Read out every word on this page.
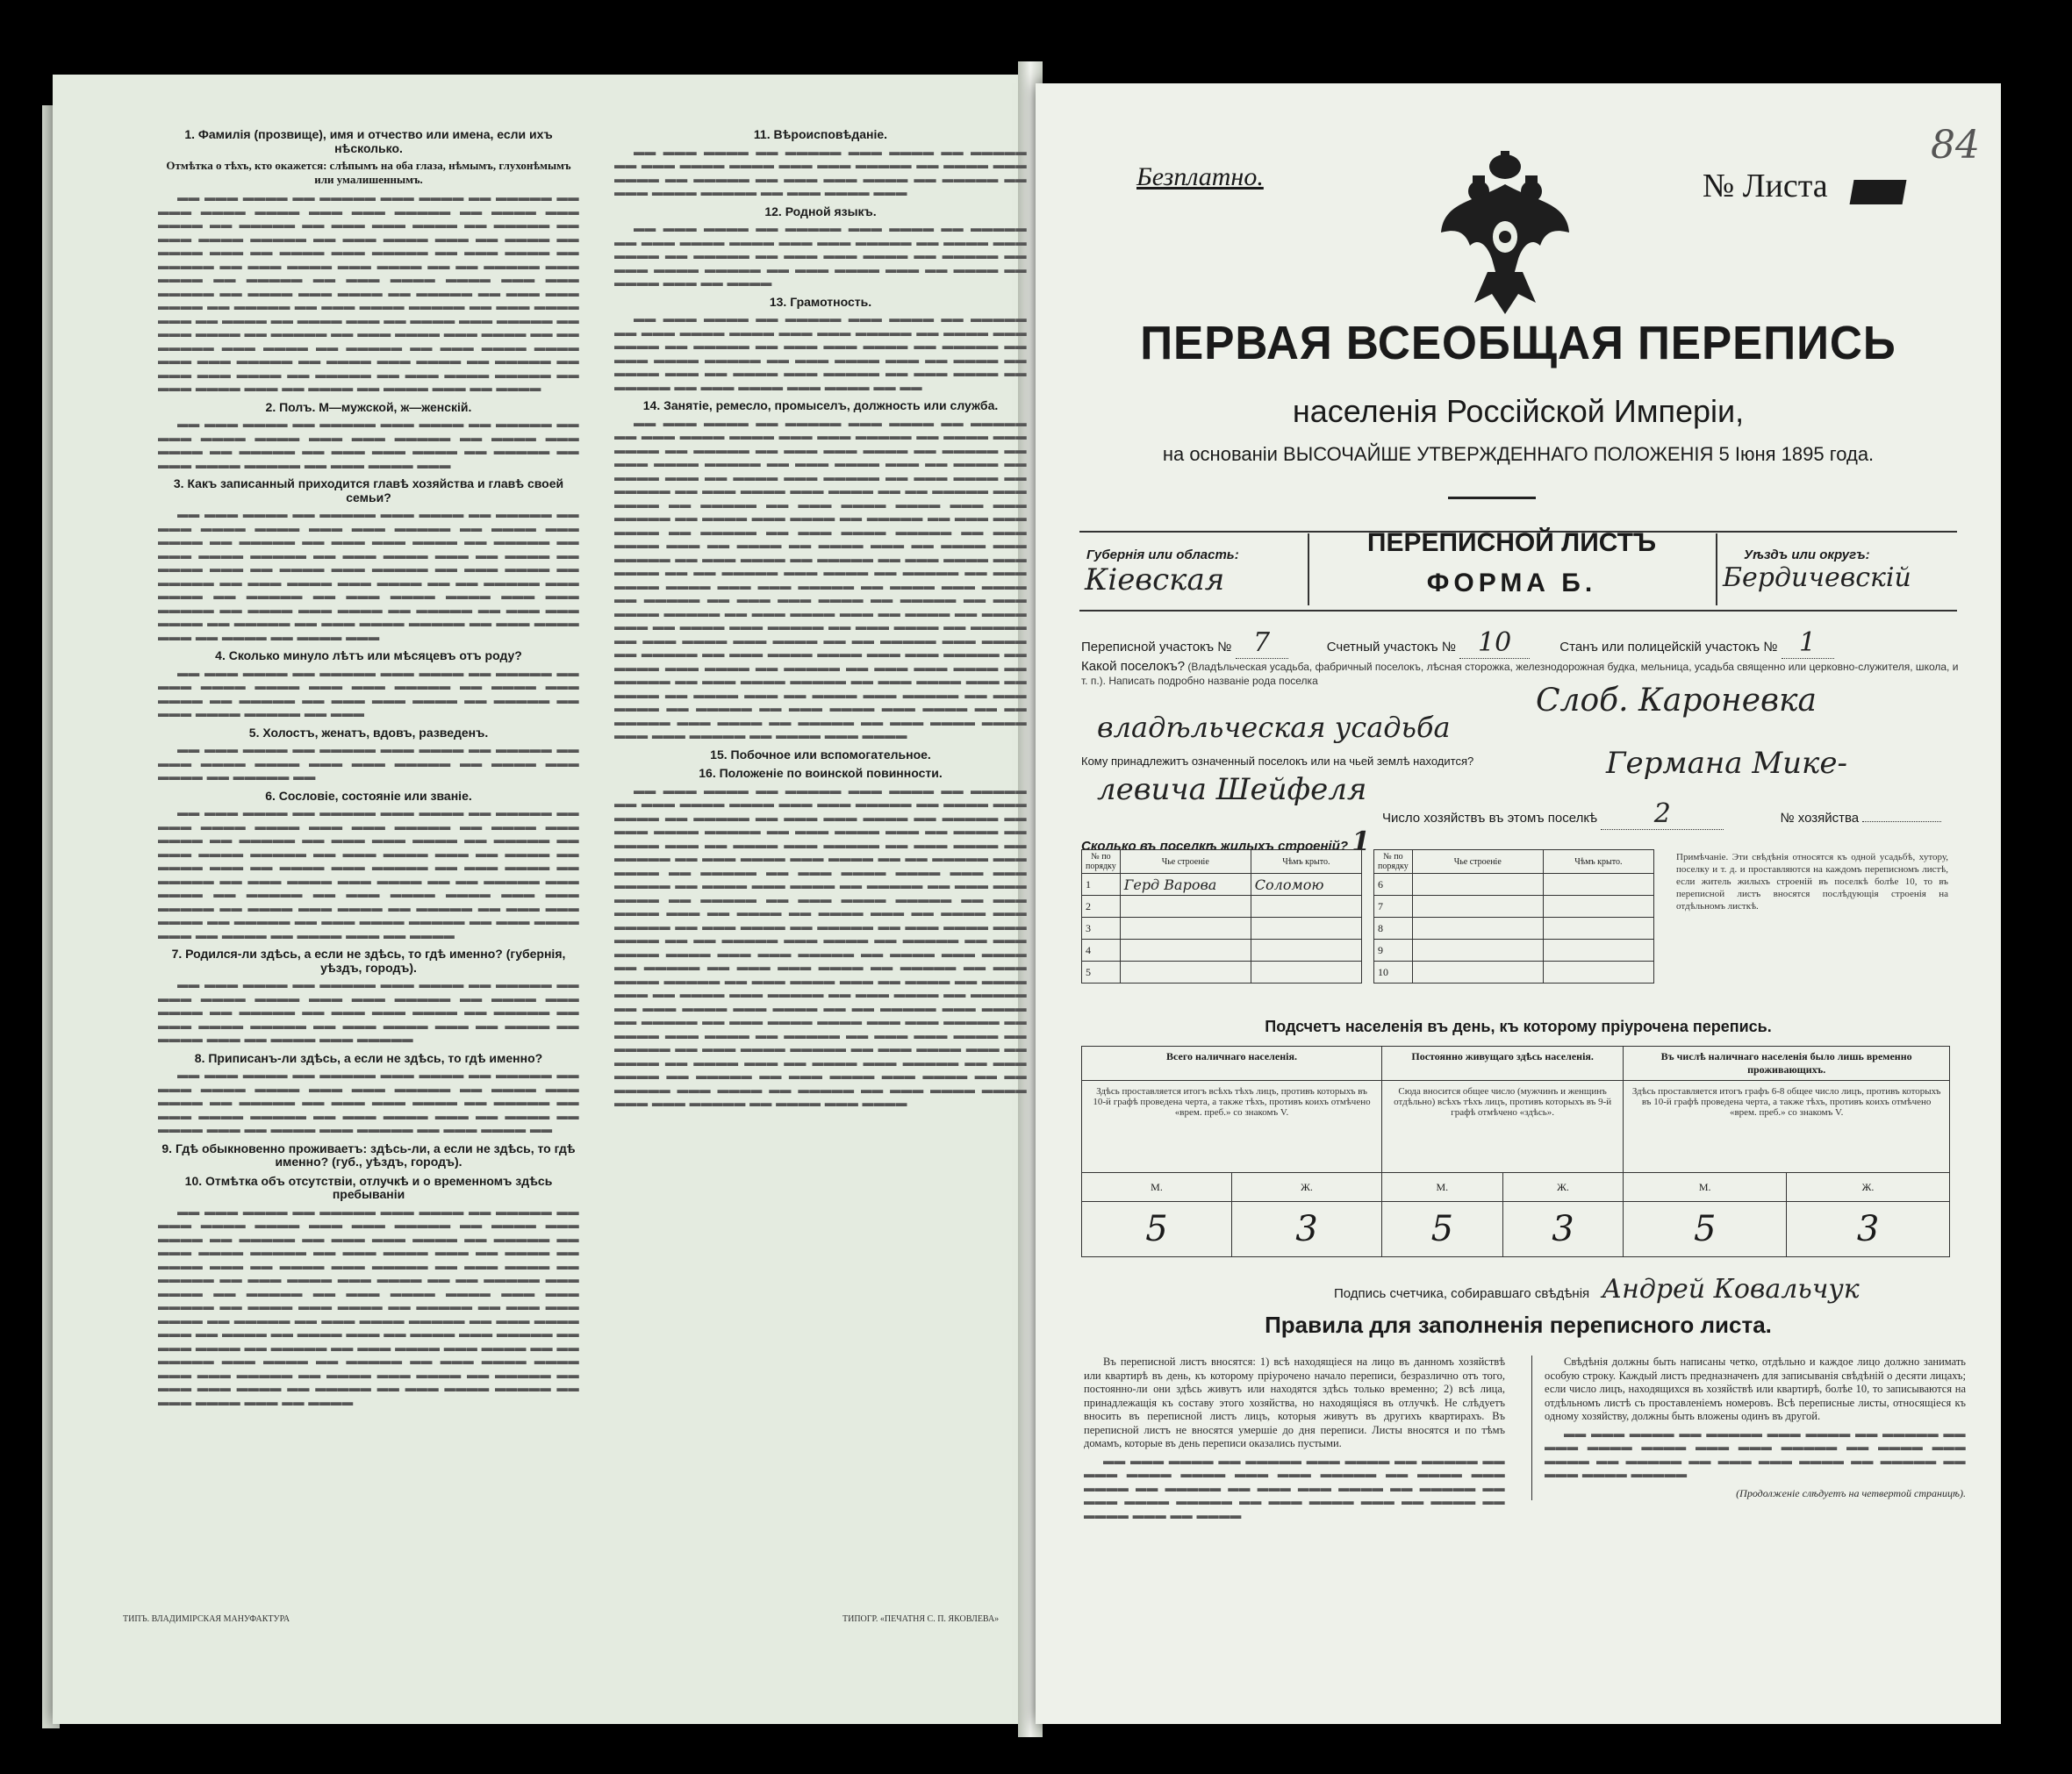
1. Фамилія (прозвище), имя и отчество или имена, если ихъ нѣсколько.
Отмѣтка о тѣхъ, кто окажется: слѣпымъ на оба глаза, нѣмымъ, глухонѣмымъ или умалишеннымъ.
▬▬ ▬▬▬ ▬▬▬▬ ▬▬ ▬▬▬▬▬ ▬▬▬ ▬▬▬▬ ▬▬ ▬▬▬▬▬ ▬▬ ▬▬▬ ▬▬▬▬ ▬▬▬▬ ▬▬▬ ▬▬▬ ▬▬▬▬▬ ▬▬ ▬▬▬▬ ▬▬▬ ▬▬▬▬ ▬▬ ▬▬▬▬▬ ▬▬ ▬▬▬ ▬▬▬ ▬▬▬▬ ▬▬ ▬▬▬▬▬ ▬▬ ▬▬▬ ▬▬▬▬ ▬▬▬▬▬ ▬▬ ▬▬▬ ▬▬▬▬ ▬▬▬ ▬▬ ▬▬▬▬ ▬▬ ▬▬▬▬ ▬▬▬ ▬▬ ▬▬▬▬ ▬▬▬ ▬▬▬▬▬ ▬▬ ▬▬▬ ▬▬▬▬ ▬▬ ▬▬▬▬▬ ▬▬ ▬▬▬ ▬▬▬▬ ▬▬▬ ▬▬▬▬ ▬▬ ▬▬ ▬▬▬▬▬ ▬▬▬ ▬▬▬▬ ▬▬ ▬▬▬▬▬ ▬▬ ▬▬▬ ▬▬▬▬ ▬▬▬▬ ▬▬▬ ▬▬▬ ▬▬▬▬▬ ▬▬ ▬▬▬▬ ▬▬▬ ▬▬▬▬ ▬▬ ▬▬▬▬▬ ▬▬ ▬▬▬ ▬▬▬ ▬▬▬▬ ▬▬ ▬▬▬▬▬ ▬▬ ▬▬▬ ▬▬▬▬ ▬▬▬▬▬ ▬▬ ▬▬▬ ▬▬▬▬ ▬▬▬ ▬▬ ▬▬▬▬ ▬▬ ▬▬▬▬ ▬▬▬ ▬▬ ▬▬▬▬ ▬▬▬ ▬▬▬▬▬ ▬▬ ▬▬▬ ▬▬▬▬ ▬▬ ▬▬▬▬▬ ▬▬ ▬▬▬ ▬▬▬▬ ▬▬▬ ▬▬▬▬ ▬▬ ▬▬ ▬▬▬▬▬ ▬▬▬ ▬▬▬▬ ▬▬ ▬▬▬▬▬ ▬▬ ▬▬▬ ▬▬▬▬ ▬▬▬▬ ▬▬▬ ▬▬▬ ▬▬▬▬▬ ▬▬ ▬▬▬▬ ▬▬▬ ▬▬▬▬ ▬▬ ▬▬▬▬▬ ▬▬ ▬▬▬ ▬▬▬ ▬▬▬▬ ▬▬ ▬▬▬▬▬ ▬▬ ▬▬▬ ▬▬▬▬ ▬▬▬▬▬ ▬▬ ▬▬▬ ▬▬▬▬ ▬▬▬ ▬▬ ▬▬▬▬ ▬▬ ▬▬▬▬ ▬▬▬ ▬▬ ▬▬▬▬
2. Полъ. М—мужской, ж—женскій.
▬▬ ▬▬▬ ▬▬▬▬ ▬▬ ▬▬▬▬▬ ▬▬▬ ▬▬▬▬ ▬▬ ▬▬▬▬▬ ▬▬ ▬▬▬ ▬▬▬▬ ▬▬▬▬ ▬▬▬ ▬▬▬ ▬▬▬▬▬ ▬▬ ▬▬▬▬ ▬▬▬ ▬▬▬▬ ▬▬ ▬▬▬▬▬ ▬▬ ▬▬▬ ▬▬▬ ▬▬▬▬ ▬▬ ▬▬▬▬▬ ▬▬ ▬▬▬ ▬▬▬▬ ▬▬▬▬▬ ▬▬ ▬▬▬ ▬▬▬▬ ▬▬▬
3. Какъ записанный приходится главѣ хозяйства и главѣ своей семьи?
▬▬ ▬▬▬ ▬▬▬▬ ▬▬ ▬▬▬▬▬ ▬▬▬ ▬▬▬▬ ▬▬ ▬▬▬▬▬ ▬▬ ▬▬▬ ▬▬▬▬ ▬▬▬▬ ▬▬▬ ▬▬▬ ▬▬▬▬▬ ▬▬ ▬▬▬▬ ▬▬▬ ▬▬▬▬ ▬▬ ▬▬▬▬▬ ▬▬ ▬▬▬ ▬▬▬ ▬▬▬▬ ▬▬ ▬▬▬▬▬ ▬▬ ▬▬▬ ▬▬▬▬ ▬▬▬▬▬ ▬▬ ▬▬▬ ▬▬▬▬ ▬▬▬ ▬▬ ▬▬▬▬ ▬▬ ▬▬▬▬ ▬▬▬ ▬▬ ▬▬▬▬ ▬▬▬ ▬▬▬▬▬ ▬▬ ▬▬▬ ▬▬▬▬ ▬▬ ▬▬▬▬▬ ▬▬ ▬▬▬ ▬▬▬▬ ▬▬▬ ▬▬▬▬ ▬▬ ▬▬ ▬▬▬▬▬ ▬▬▬ ▬▬▬▬ ▬▬ ▬▬▬▬▬ ▬▬ ▬▬▬ ▬▬▬▬ ▬▬▬▬ ▬▬▬ ▬▬▬ ▬▬▬▬▬ ▬▬ ▬▬▬▬ ▬▬▬ ▬▬▬▬ ▬▬ ▬▬▬▬▬ ▬▬ ▬▬▬ ▬▬▬ ▬▬▬▬ ▬▬ ▬▬▬▬▬ ▬▬ ▬▬▬ ▬▬▬▬ ▬▬▬▬▬ ▬▬ ▬▬▬ ▬▬▬▬ ▬▬▬ ▬▬ ▬▬▬▬ ▬▬ ▬▬▬▬ ▬▬▬
4. Сколько минуло лѣтъ или мѣсяцевъ отъ роду?
▬▬ ▬▬▬ ▬▬▬▬ ▬▬ ▬▬▬▬▬ ▬▬▬ ▬▬▬▬ ▬▬ ▬▬▬▬▬ ▬▬ ▬▬▬ ▬▬▬▬ ▬▬▬▬ ▬▬▬ ▬▬▬ ▬▬▬▬▬ ▬▬ ▬▬▬▬ ▬▬▬ ▬▬▬▬ ▬▬ ▬▬▬▬▬ ▬▬ ▬▬▬ ▬▬▬ ▬▬▬▬ ▬▬ ▬▬▬▬▬ ▬▬ ▬▬▬ ▬▬▬▬ ▬▬▬▬▬ ▬▬ ▬▬▬
5. Холостъ, женатъ, вдовъ, разведенъ.
▬▬ ▬▬▬ ▬▬▬▬ ▬▬ ▬▬▬▬▬ ▬▬▬ ▬▬▬▬ ▬▬ ▬▬▬▬▬ ▬▬ ▬▬▬ ▬▬▬▬ ▬▬▬▬ ▬▬▬ ▬▬▬ ▬▬▬▬▬ ▬▬ ▬▬▬▬ ▬▬▬ ▬▬▬▬ ▬▬ ▬▬▬▬▬ ▬▬
6. Сословіе, состояніе или званіе.
▬▬ ▬▬▬ ▬▬▬▬ ▬▬ ▬▬▬▬▬ ▬▬▬ ▬▬▬▬ ▬▬ ▬▬▬▬▬ ▬▬ ▬▬▬ ▬▬▬▬ ▬▬▬▬ ▬▬▬ ▬▬▬ ▬▬▬▬▬ ▬▬ ▬▬▬▬ ▬▬▬ ▬▬▬▬ ▬▬ ▬▬▬▬▬ ▬▬ ▬▬▬ ▬▬▬ ▬▬▬▬ ▬▬ ▬▬▬▬▬ ▬▬ ▬▬▬ ▬▬▬▬ ▬▬▬▬▬ ▬▬ ▬▬▬ ▬▬▬▬ ▬▬▬ ▬▬ ▬▬▬▬ ▬▬ ▬▬▬▬ ▬▬▬ ▬▬ ▬▬▬▬ ▬▬▬ ▬▬▬▬▬ ▬▬ ▬▬▬ ▬▬▬▬ ▬▬ ▬▬▬▬▬ ▬▬ ▬▬▬ ▬▬▬▬ ▬▬▬ ▬▬▬▬ ▬▬ ▬▬ ▬▬▬▬▬ ▬▬▬ ▬▬▬▬ ▬▬ ▬▬▬▬▬ ▬▬ ▬▬▬ ▬▬▬▬ ▬▬▬▬ ▬▬▬ ▬▬▬ ▬▬▬▬▬ ▬▬ ▬▬▬▬ ▬▬▬ ▬▬▬▬ ▬▬ ▬▬▬▬▬ ▬▬ ▬▬▬ ▬▬▬ ▬▬▬▬ ▬▬ ▬▬▬▬▬ ▬▬ ▬▬▬ ▬▬▬▬ ▬▬▬▬▬ ▬▬ ▬▬▬ ▬▬▬▬ ▬▬▬ ▬▬ ▬▬▬▬ ▬▬ ▬▬▬▬ ▬▬▬ ▬▬ ▬▬▬▬
7. Родился-ли здѣсь, а если не здѣсь, то гдѣ именно? (губернія, уѣздъ, городъ).
▬▬ ▬▬▬ ▬▬▬▬ ▬▬ ▬▬▬▬▬ ▬▬▬ ▬▬▬▬ ▬▬ ▬▬▬▬▬ ▬▬ ▬▬▬ ▬▬▬▬ ▬▬▬▬ ▬▬▬ ▬▬▬ ▬▬▬▬▬ ▬▬ ▬▬▬▬ ▬▬▬ ▬▬▬▬ ▬▬ ▬▬▬▬▬ ▬▬ ▬▬▬ ▬▬▬ ▬▬▬▬ ▬▬ ▬▬▬▬▬ ▬▬ ▬▬▬ ▬▬▬▬ ▬▬▬▬▬ ▬▬ ▬▬▬ ▬▬▬▬ ▬▬▬ ▬▬ ▬▬▬▬ ▬▬ ▬▬▬▬ ▬▬▬ ▬▬ ▬▬▬▬ ▬▬▬ ▬▬▬▬▬
8. Приписанъ-ли здѣсь, а если не здѣсь, то гдѣ именно?
▬▬ ▬▬▬ ▬▬▬▬ ▬▬ ▬▬▬▬▬ ▬▬▬ ▬▬▬▬ ▬▬ ▬▬▬▬▬ ▬▬ ▬▬▬ ▬▬▬▬ ▬▬▬▬ ▬▬▬ ▬▬▬ ▬▬▬▬▬ ▬▬ ▬▬▬▬ ▬▬▬ ▬▬▬▬ ▬▬ ▬▬▬▬▬ ▬▬ ▬▬▬ ▬▬▬ ▬▬▬▬ ▬▬ ▬▬▬▬▬ ▬▬ ▬▬▬ ▬▬▬▬ ▬▬▬▬▬ ▬▬ ▬▬▬ ▬▬▬▬ ▬▬▬ ▬▬ ▬▬▬▬ ▬▬ ▬▬▬▬ ▬▬▬ ▬▬ ▬▬▬▬ ▬▬▬ ▬▬▬▬▬ ▬▬ ▬▬▬ ▬▬▬▬ ▬▬
9. Гдѣ обыкновенно проживаетъ: здѣсь-ли, а если не здѣсь, то гдѣ именно? (губ., уѣздъ, городъ).
10. Отмѣтка объ отсутствіи, отлучкѣ и о временномъ здѣсь пребываніи
▬▬ ▬▬▬ ▬▬▬▬ ▬▬ ▬▬▬▬▬ ▬▬▬ ▬▬▬▬ ▬▬ ▬▬▬▬▬ ▬▬ ▬▬▬ ▬▬▬▬ ▬▬▬▬ ▬▬▬ ▬▬▬ ▬▬▬▬▬ ▬▬ ▬▬▬▬ ▬▬▬ ▬▬▬▬ ▬▬ ▬▬▬▬▬ ▬▬ ▬▬▬ ▬▬▬ ▬▬▬▬ ▬▬ ▬▬▬▬▬ ▬▬ ▬▬▬ ▬▬▬▬ ▬▬▬▬▬ ▬▬ ▬▬▬ ▬▬▬▬ ▬▬▬ ▬▬ ▬▬▬▬ ▬▬ ▬▬▬▬ ▬▬▬ ▬▬ ▬▬▬▬ ▬▬▬ ▬▬▬▬▬ ▬▬ ▬▬▬ ▬▬▬▬ ▬▬ ▬▬▬▬▬ ▬▬ ▬▬▬ ▬▬▬▬ ▬▬▬ ▬▬▬▬ ▬▬ ▬▬ ▬▬▬▬▬ ▬▬▬ ▬▬▬▬ ▬▬ ▬▬▬▬▬ ▬▬ ▬▬▬ ▬▬▬▬ ▬▬▬▬ ▬▬▬ ▬▬▬ ▬▬▬▬▬ ▬▬ ▬▬▬▬ ▬▬▬ ▬▬▬▬ ▬▬ ▬▬▬▬▬ ▬▬ ▬▬▬ ▬▬▬ ▬▬▬▬ ▬▬ ▬▬▬▬▬ ▬▬ ▬▬▬ ▬▬▬▬ ▬▬▬▬▬ ▬▬ ▬▬▬ ▬▬▬▬ ▬▬▬ ▬▬ ▬▬▬▬ ▬▬ ▬▬▬▬ ▬▬▬ ▬▬ ▬▬▬▬ ▬▬▬ ▬▬▬▬▬ ▬▬ ▬▬▬ ▬▬▬▬ ▬▬ ▬▬▬▬▬ ▬▬ ▬▬▬ ▬▬▬▬ ▬▬▬ ▬▬▬▬ ▬▬ ▬▬ ▬▬▬▬▬ ▬▬▬ ▬▬▬▬ ▬▬ ▬▬▬▬▬ ▬▬ ▬▬▬ ▬▬▬▬ ▬▬▬▬ ▬▬▬ ▬▬▬ ▬▬▬▬▬ ▬▬ ▬▬▬▬ ▬▬▬ ▬▬▬▬ ▬▬ ▬▬▬▬▬ ▬▬ ▬▬▬ ▬▬▬ ▬▬▬▬ ▬▬ ▬▬▬▬▬ ▬▬ ▬▬▬ ▬▬▬▬ ▬▬▬▬▬ ▬▬ ▬▬▬ ▬▬▬▬ ▬▬▬ ▬▬ ▬▬▬▬
11. Вѣроисповѣданіе.
▬▬ ▬▬▬ ▬▬▬▬ ▬▬ ▬▬▬▬▬ ▬▬▬ ▬▬▬▬ ▬▬ ▬▬▬▬▬ ▬▬ ▬▬▬ ▬▬▬▬ ▬▬▬▬ ▬▬▬ ▬▬▬ ▬▬▬▬▬ ▬▬ ▬▬▬▬ ▬▬▬ ▬▬▬▬ ▬▬ ▬▬▬▬▬ ▬▬ ▬▬▬ ▬▬▬ ▬▬▬▬ ▬▬ ▬▬▬▬▬ ▬▬ ▬▬▬ ▬▬▬▬ ▬▬▬▬▬ ▬▬ ▬▬▬ ▬▬▬▬ ▬▬▬
12. Родной языкъ.
▬▬ ▬▬▬ ▬▬▬▬ ▬▬ ▬▬▬▬▬ ▬▬▬ ▬▬▬▬ ▬▬ ▬▬▬▬▬ ▬▬ ▬▬▬ ▬▬▬▬ ▬▬▬▬ ▬▬▬ ▬▬▬ ▬▬▬▬▬ ▬▬ ▬▬▬▬ ▬▬▬ ▬▬▬▬ ▬▬ ▬▬▬▬▬ ▬▬ ▬▬▬ ▬▬▬ ▬▬▬▬ ▬▬ ▬▬▬▬▬ ▬▬ ▬▬▬ ▬▬▬▬ ▬▬▬▬▬ ▬▬ ▬▬▬ ▬▬▬▬ ▬▬▬ ▬▬ ▬▬▬▬ ▬▬ ▬▬▬▬ ▬▬▬ ▬▬ ▬▬▬▬
13. Грамотность.
▬▬ ▬▬▬ ▬▬▬▬ ▬▬ ▬▬▬▬▬ ▬▬▬ ▬▬▬▬ ▬▬ ▬▬▬▬▬ ▬▬ ▬▬▬ ▬▬▬▬ ▬▬▬▬ ▬▬▬ ▬▬▬ ▬▬▬▬▬ ▬▬ ▬▬▬▬ ▬▬▬ ▬▬▬▬ ▬▬ ▬▬▬▬▬ ▬▬ ▬▬▬ ▬▬▬ ▬▬▬▬ ▬▬ ▬▬▬▬▬ ▬▬ ▬▬▬ ▬▬▬▬ ▬▬▬▬▬ ▬▬ ▬▬▬ ▬▬▬▬ ▬▬▬ ▬▬ ▬▬▬▬ ▬▬ ▬▬▬▬ ▬▬▬ ▬▬ ▬▬▬▬ ▬▬▬ ▬▬▬▬▬ ▬▬ ▬▬▬ ▬▬▬▬ ▬▬ ▬▬▬▬▬ ▬▬ ▬▬▬ ▬▬▬▬ ▬▬▬ ▬▬▬▬ ▬▬ ▬▬
14. Занятіе, ремесло, промыселъ, должность или служба.
▬▬ ▬▬▬ ▬▬▬▬ ▬▬ ▬▬▬▬▬ ▬▬▬ ▬▬▬▬ ▬▬ ▬▬▬▬▬ ▬▬ ▬▬▬ ▬▬▬▬ ▬▬▬▬ ▬▬▬ ▬▬▬ ▬▬▬▬▬ ▬▬ ▬▬▬▬ ▬▬▬ ▬▬▬▬ ▬▬ ▬▬▬▬▬ ▬▬ ▬▬▬ ▬▬▬ ▬▬▬▬ ▬▬ ▬▬▬▬▬ ▬▬ ▬▬▬ ▬▬▬▬ ▬▬▬▬▬ ▬▬ ▬▬▬ ▬▬▬▬ ▬▬▬ ▬▬ ▬▬▬▬ ▬▬ ▬▬▬▬ ▬▬▬ ▬▬ ▬▬▬▬ ▬▬▬ ▬▬▬▬▬ ▬▬ ▬▬▬ ▬▬▬▬ ▬▬ ▬▬▬▬▬ ▬▬ ▬▬▬ ▬▬▬▬ ▬▬▬ ▬▬▬▬ ▬▬ ▬▬ ▬▬▬▬▬ ▬▬▬ ▬▬▬▬ ▬▬ ▬▬▬▬▬ ▬▬ ▬▬▬ ▬▬▬▬ ▬▬▬▬ ▬▬▬ ▬▬▬ ▬▬▬▬▬ ▬▬ ▬▬▬▬ ▬▬▬ ▬▬▬▬ ▬▬ ▬▬▬▬▬ ▬▬ ▬▬▬ ▬▬▬ ▬▬▬▬ ▬▬ ▬▬▬▬▬ ▬▬ ▬▬▬ ▬▬▬▬ ▬▬▬▬▬ ▬▬ ▬▬▬ ▬▬▬▬ ▬▬▬ ▬▬ ▬▬▬▬ ▬▬ ▬▬▬▬ ▬▬▬ ▬▬ ▬▬▬▬ ▬▬▬ ▬▬▬▬▬ ▬▬ ▬▬▬ ▬▬▬▬ ▬▬ ▬▬▬▬▬ ▬▬ ▬▬▬ ▬▬▬▬ ▬▬▬ ▬▬▬▬ ▬▬ ▬▬ ▬▬▬▬▬ ▬▬▬ ▬▬▬▬ ▬▬ ▬▬▬▬▬ ▬▬ ▬▬▬ ▬▬▬▬ ▬▬▬▬ ▬▬▬ ▬▬▬ ▬▬▬▬▬ ▬▬ ▬▬▬▬ ▬▬▬ ▬▬▬▬ ▬▬ ▬▬▬▬▬ ▬▬ ▬▬▬ ▬▬▬ ▬▬▬▬ ▬▬ ▬▬▬▬▬ ▬▬ ▬▬▬ ▬▬▬▬ ▬▬▬▬▬ ▬▬ ▬▬▬ ▬▬▬▬ ▬▬▬ ▬▬ ▬▬▬▬ ▬▬ ▬▬▬▬ ▬▬▬ ▬▬ ▬▬▬▬ ▬▬▬ ▬▬▬▬▬ ▬▬ ▬▬▬ ▬▬▬▬ ▬▬ ▬▬▬▬▬ ▬▬ ▬▬▬ ▬▬▬▬ ▬▬▬ ▬▬▬▬ ▬▬ ▬▬ ▬▬▬▬▬ ▬▬▬ ▬▬▬▬ ▬▬ ▬▬▬▬▬ ▬▬ ▬▬▬ ▬▬▬▬ ▬▬▬▬ ▬▬▬ ▬▬▬ ▬▬▬▬▬ ▬▬ ▬▬▬▬ ▬▬▬ ▬▬▬▬ ▬▬ ▬▬▬▬▬ ▬▬ ▬▬▬ ▬▬▬ ▬▬▬▬ ▬▬ ▬▬▬▬▬ ▬▬ ▬▬▬ ▬▬▬▬ ▬▬▬▬▬ ▬▬ ▬▬▬ ▬▬▬▬ ▬▬▬ ▬▬ ▬▬▬▬ ▬▬ ▬▬▬▬ ▬▬▬ ▬▬ ▬▬▬▬ ▬▬▬ ▬▬▬▬▬ ▬▬ ▬▬▬ ▬▬▬▬ ▬▬ ▬▬▬▬▬ ▬▬ ▬▬▬ ▬▬▬▬ ▬▬▬ ▬▬▬▬ ▬▬ ▬▬ ▬▬▬▬▬ ▬▬▬ ▬▬▬▬ ▬▬ ▬▬▬▬▬ ▬▬ ▬▬▬ ▬▬▬▬ ▬▬▬▬ ▬▬▬ ▬▬▬ ▬▬▬▬▬ ▬▬ ▬▬▬▬ ▬▬▬ ▬▬▬▬
15. Побочное или вспомогательное.
16. Положеніе по воинской повинности.
▬▬ ▬▬▬ ▬▬▬▬ ▬▬ ▬▬▬▬▬ ▬▬▬ ▬▬▬▬ ▬▬ ▬▬▬▬▬ ▬▬ ▬▬▬ ▬▬▬▬ ▬▬▬▬ ▬▬▬ ▬▬▬ ▬▬▬▬▬ ▬▬ ▬▬▬▬ ▬▬▬ ▬▬▬▬ ▬▬ ▬▬▬▬▬ ▬▬ ▬▬▬ ▬▬▬ ▬▬▬▬ ▬▬ ▬▬▬▬▬ ▬▬ ▬▬▬ ▬▬▬▬ ▬▬▬▬▬ ▬▬ ▬▬▬ ▬▬▬▬ ▬▬▬ ▬▬ ▬▬▬▬ ▬▬ ▬▬▬▬ ▬▬▬ ▬▬ ▬▬▬▬ ▬▬▬ ▬▬▬▬▬ ▬▬ ▬▬▬ ▬▬▬▬ ▬▬ ▬▬▬▬▬ ▬▬ ▬▬▬ ▬▬▬▬ ▬▬▬ ▬▬▬▬ ▬▬ ▬▬ ▬▬▬▬▬ ▬▬▬ ▬▬▬▬ ▬▬ ▬▬▬▬▬ ▬▬ ▬▬▬ ▬▬▬▬ ▬▬▬▬ ▬▬▬ ▬▬▬ ▬▬▬▬▬ ▬▬ ▬▬▬▬ ▬▬▬ ▬▬▬▬ ▬▬ ▬▬▬▬▬ ▬▬ ▬▬▬ ▬▬▬ ▬▬▬▬ ▬▬ ▬▬▬▬▬ ▬▬ ▬▬▬ ▬▬▬▬ ▬▬▬▬▬ ▬▬ ▬▬▬ ▬▬▬▬ ▬▬▬ ▬▬ ▬▬▬▬ ▬▬ ▬▬▬▬ ▬▬▬ ▬▬ ▬▬▬▬ ▬▬▬ ▬▬▬▬▬ ▬▬ ▬▬▬ ▬▬▬▬ ▬▬ ▬▬▬▬▬ ▬▬ ▬▬▬ ▬▬▬▬ ▬▬▬ ▬▬▬▬ ▬▬ ▬▬ ▬▬▬▬▬ ▬▬▬ ▬▬▬▬ ▬▬ ▬▬▬▬▬ ▬▬ ▬▬▬ ▬▬▬▬ ▬▬▬▬ ▬▬▬ ▬▬▬ ▬▬▬▬▬ ▬▬ ▬▬▬▬ ▬▬▬ ▬▬▬▬ ▬▬ ▬▬▬▬▬ ▬▬ ▬▬▬ ▬▬▬ ▬▬▬▬ ▬▬ ▬▬▬▬▬ ▬▬ ▬▬▬ ▬▬▬▬ ▬▬▬▬▬ ▬▬ ▬▬▬ ▬▬▬▬ ▬▬▬ ▬▬ ▬▬▬▬ ▬▬ ▬▬▬▬ ▬▬▬ ▬▬ ▬▬▬▬ ▬▬▬ ▬▬▬▬▬ ▬▬ ▬▬▬ ▬▬▬▬ ▬▬ ▬▬▬▬▬ ▬▬ ▬▬▬ ▬▬▬▬ ▬▬▬ ▬▬▬▬ ▬▬ ▬▬ ▬▬▬▬▬ ▬▬▬ ▬▬▬▬ ▬▬ ▬▬▬▬▬ ▬▬ ▬▬▬ ▬▬▬▬ ▬▬▬▬ ▬▬▬ ▬▬▬ ▬▬▬▬▬ ▬▬ ▬▬▬▬ ▬▬▬ ▬▬▬▬ ▬▬ ▬▬▬▬▬ ▬▬ ▬▬▬ ▬▬▬ ▬▬▬▬ ▬▬ ▬▬▬▬▬ ▬▬ ▬▬▬ ▬▬▬▬ ▬▬▬▬▬ ▬▬ ▬▬▬ ▬▬▬▬ ▬▬▬ ▬▬ ▬▬▬▬ ▬▬ ▬▬▬▬ ▬▬▬ ▬▬ ▬▬▬▬ ▬▬▬ ▬▬▬▬▬ ▬▬ ▬▬▬ ▬▬▬▬ ▬▬ ▬▬▬▬▬ ▬▬ ▬▬▬ ▬▬▬▬ ▬▬▬ ▬▬▬▬ ▬▬ ▬▬ ▬▬▬▬▬ ▬▬▬ ▬▬▬▬ ▬▬ ▬▬▬▬▬ ▬▬ ▬▬▬ ▬▬▬▬ ▬▬▬▬ ▬▬▬ ▬▬▬ ▬▬▬▬▬ ▬▬ ▬▬▬▬ ▬▬▬ ▬▬▬▬
ТИПЪ. ВЛАДИМІРСКАЯ МАНУФАКТУРА	ТИПОГР. «ПЕЧАТНЯ С. П. ЯКОВЛЕВА»
Безплатно.	№ Листа
84
ПЕРВАЯ ВСЕОБЩАЯ ПЕРЕПИСЬ
населенія Россійской Имперіи,
на основаніи ВЫСОЧАЙШЕ УТВЕРЖДЕННАГО ПОЛОЖЕНІЯ 5 Іюня 1895 года.
Губернія или область:
Кіевская
ПЕРЕПИСНОЙ ЛИСТЪ
ФОРМА Б.
Уѣздъ или округъ:
Бердичевскій
Переписной участокъ № 7	Счетный участокъ № 10	Станъ или полицейскій участокъ № 1
Какой поселокъ? (Владѣльческая усадьба, фабричный поселокъ, лѣсная сторожка, железнодорожная будка, мельница, усадьба священно или церковно-служителя, школа, и т. п.). Написать подробно названіе рода поселка
Слоб. Кароневка
владѣльческая усадьба
Кому принадлежитъ означенный поселокъ или на чьей землѣ находится?	Германа Мике-
левича Шейфеля
Число хозяйствъ въ этомъ поселкѣ 2	№ хозяйства
Сколько въ поселкѣ жилыхъ строеній? 1
№ по порядку	Чье строеніе	Чѣмъ крыто.
1	Герд Варова	Соломою
2		
3		
4		
5		
№ по порядку	Чье строеніе	Чѣмъ крыто.
6		
7		
8		
9		
10		
Примѣчаніе. Эти свѣдѣнія относятся къ одной усадьбѣ, хутору, поселку и т. д. и проставляются на каждомъ переписномъ листѣ, если житель жилыхъ строеній въ поселкѣ болѣе 10, то въ переписной листъ вносятся послѣдующія строенія на отдѣльномъ листкѣ.
Подсчетъ населенія въ день, къ которому пріурочена перепись.
Всего наличнаго населенія.		Постоянно живущаго здѣсь населенія.		Въ числѣ наличнаго населенія было лишь временно проживающихъ.	
Здѣсь проставляется итогъ всѣхъ тѣхъ лицъ, противъ которыхъ въ 10-й графѣ проведена черта, а также тѣхъ, противъ коихъ отмѣчено «врем. преб.» со знакомъ V.		Сюда вносится общее число (мужчинъ и женщинъ отдѣльно) всѣхъ тѣхъ лицъ, противъ которыхъ въ 9-й графѣ отмѣчено «здѣсь».		Здѣсь проставляется итогъ графъ 6-8 общее число лицъ, противъ которыхъ въ 10-й графѣ проведена черта, а также тѣхъ, противъ коихъ отмѣчено «врем. преб.» со знакомъ V.	
М.	Ж.	М.	Ж.	М.	Ж.
5	3	5	3	5	3
Подпись счетчика, собиравшаго свѣдѣнія Андрей Ковальчук
Правила для заполненія переписного листа.
Въ переписной листъ вносятся: 1) всѣ находящіеся на лицо въ данномъ хозяйствѣ или квартирѣ въ день, къ которому пріурочено начало переписи, безразлично отъ того, постоянно-ли они здѣсь живутъ или находятся здѣсь только временно; 2) всѣ лица, принадлежащія къ составу этого хозяйства, но находящіяся въ отлучкѣ. Не слѣдуетъ вносить въ переписной листъ лицъ, которыя живутъ въ другихъ квартирахъ. Въ переписной листъ не вносятся умершіе до дня переписи. Листы вносятся и по тѣмъ домамъ, которые въ день переписи оказались пустыми.
▬▬ ▬▬▬ ▬▬▬▬ ▬▬ ▬▬▬▬▬ ▬▬▬ ▬▬▬▬ ▬▬ ▬▬▬▬▬ ▬▬ ▬▬▬ ▬▬▬▬ ▬▬▬▬ ▬▬▬ ▬▬▬ ▬▬▬▬▬ ▬▬ ▬▬▬▬ ▬▬▬ ▬▬▬▬ ▬▬ ▬▬▬▬▬ ▬▬ ▬▬▬ ▬▬▬ ▬▬▬▬ ▬▬ ▬▬▬▬▬ ▬▬ ▬▬▬ ▬▬▬▬ ▬▬▬▬▬ ▬▬ ▬▬▬ ▬▬▬▬ ▬▬▬ ▬▬ ▬▬▬▬ ▬▬ ▬▬▬▬ ▬▬▬ ▬▬ ▬▬▬▬
Свѣдѣнія должны быть написаны четко, отдѣльно и каждое лицо должно занимать особую строку. Каждый листъ предназначенъ для записыванія свѣдѣній о десяти лицахъ; если число лицъ, находящихся въ хозяйствѣ или квартирѣ, болѣе 10, то записываются на отдѣльномъ листѣ съ проставленіемъ номеровъ. Всѣ переписные листы, относящіеся къ одному хозяйству, должны быть вложены одинъ въ другой.
▬▬ ▬▬▬ ▬▬▬▬ ▬▬ ▬▬▬▬▬ ▬▬▬ ▬▬▬▬ ▬▬ ▬▬▬▬▬ ▬▬ ▬▬▬ ▬▬▬▬ ▬▬▬▬ ▬▬▬ ▬▬▬ ▬▬▬▬▬ ▬▬ ▬▬▬▬ ▬▬▬ ▬▬▬▬ ▬▬ ▬▬▬▬▬ ▬▬ ▬▬▬ ▬▬▬ ▬▬▬▬ ▬▬ ▬▬▬▬▬ ▬▬ ▬▬▬ ▬▬▬▬ ▬▬▬▬▬
(Продолженіе слѣдуетъ на четвертой страницѣ).
